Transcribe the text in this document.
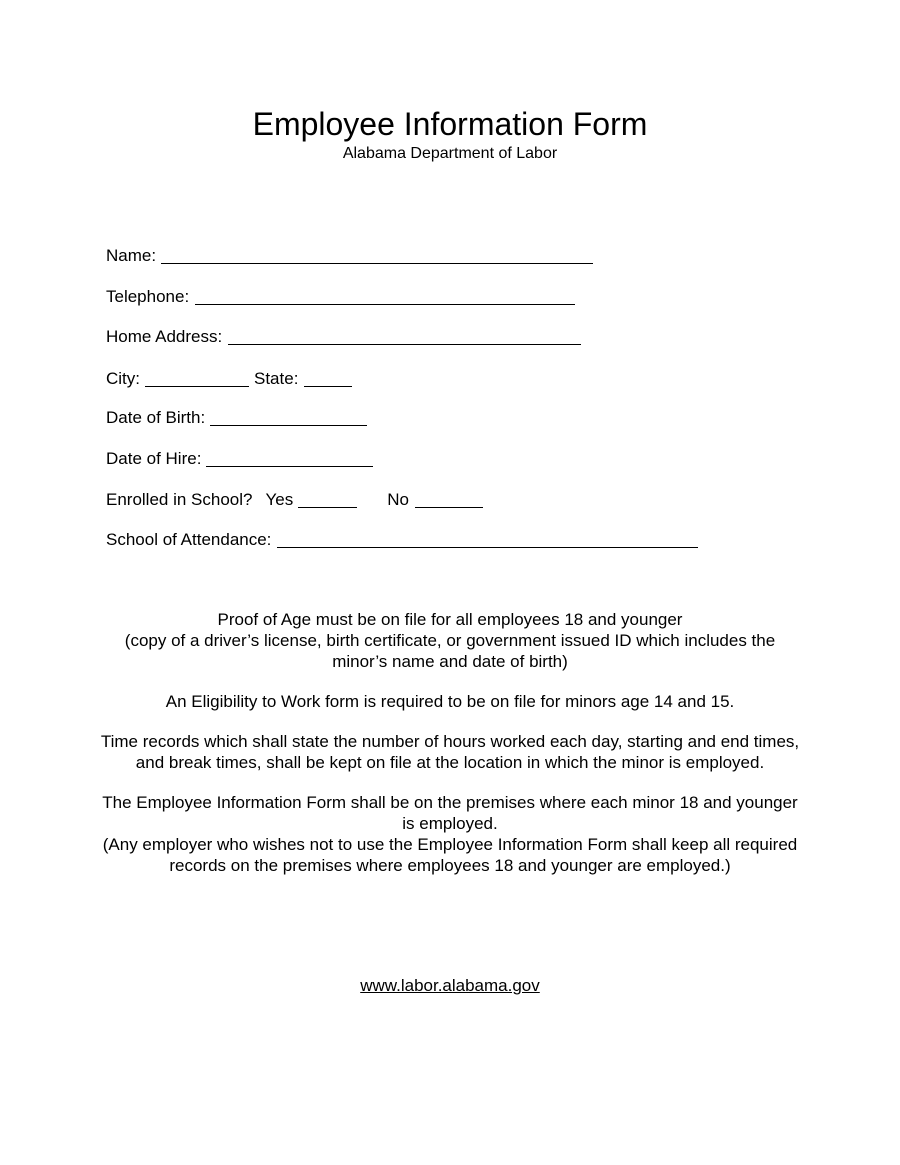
Employee Information Form
Alabama Department of Labor
Name:
Telephone:
Home Address:
City:	State:
Date of Birth:
Date of Hire:
Enrolled in School? Yes	No
School of Attendance:

Proof of Age must be on file for all employees 18 and younger
(copy of a driver’s license, birth certificate, or government issued ID which includes the minor’s name and date of birth)

An Eligibility to Work form is required to be on file for minors age 14 and 15.

Time records which shall state the number of hours worked each day, starting and end times, and break times, shall be kept on file at the location in which the minor is employed.

The Employee Information Form shall be on the premises where each minor 18 and younger is employed.
(Any employer who wishes not to use the Employee Information Form shall keep all required records on the premises where employees 18 and younger are employed.)

www.labor.alabama.gov
